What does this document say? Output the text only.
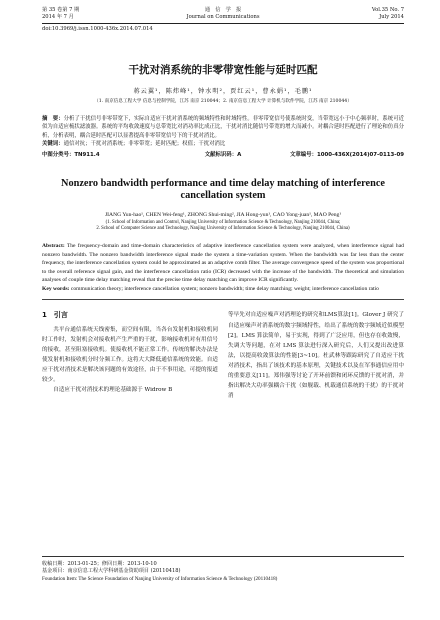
第 35 卷第 7 期
2014 年 7 月
通　信　学　报
Journal on Communications
Vol.35 No. 7
July 2014
doi:10.3969/j.issn.1000-436x.2014.07.014
干扰对消系统的非零带宽性能与延时匹配
蒋云翼¹，陈炜峰¹，钟水明²，贾红云¹，曹永娟¹，毛鹏¹
（1. 南京信息工程大学 信息与控制学院，江苏 南京 210044；2. 南京信息工程大学 计算机与软件学院，江苏 南京 210044）
摘　要：分析了干扰信号非零带宽下，实际自适应干扰对消系统的频域特性和时域特性。非零带宽信号使系统时变，当带宽远小于中心频率时，系统可近似为自适应梳状滤波器。系统的平均收敛速度与总带宽比对消功率比成正比，干扰对消比随信号带宽的增大而减小。对耦合延时匹配进行了理论和仿真分析，分析表明，耦合延时匹配可以显著提高非零带宽信号下的干扰对消比。
关键词：通信对抗；干扰对消系统；非零带宽；延时匹配；权值；干扰对消比
中图分类号：TN911.4	文献标识码：A	文章编号：1000-436X(2014)07-0113-09
Nonzero bandwidth performance and time delay matching of interference cancellation system
JIANG Yun-hao¹, CHEN Wei-feng¹, ZHONG Shui-ming², JIA Hong-yun¹, CAO Yong-juan¹, MAO Peng¹
(1. School of Information and Control, Nanjing University of Information Science & Technology, Nanjing 210044, China;
2. School of Computer Science and Technology, Nanjing University of Information Science & Technology, Nanjing 210044, China)
Abstract: The frequency-domain and time-domain characteristics of adaptive interference cancellation system were analyzed, when interference signal had nonzero bandwidth. The nonzero bandwidth interference signal made the system a time-variation system. When the bandwidth was far less than the center frequency, the interference cancellation system could be approximated as an adaptive comb filter. The average convergence speed of the system was proportional to the overall reference signal gain, and the interference cancellation ratio (ICR) decreased with the increase of the bandwidth. The theoretical and simulation analyses of couple time delay matching reveal that the precise time delay matching can improve ICR significantly.
Key words: communication theory; interference cancellation system; nonzero bandwidth; time delay matching; weight; interference cancellation ratio
1　引言
共平台通信系统天线密集，而空间有限，当各台发射机和接收机同时工作时，发射机会对接收机产生严重的干扰，影响接收机对有用信号的接收，甚至阻塞接收机。使接收机不能正常工作。传统的解决办法是使发射机和接收机分时分频工作。这将大大降低通信系统的效能。自适应干扰对消技术是解决该问题的有效途径，由于不事用途，可提的报道较少。
自适应干扰对消技术的理论基础源于 Widrow B
等早先对自适应噪声对消理论的研究和LMS算法[1]。Glover J 研究了自适应噪声对消系统的数字频域特性，给出了系统的数字频域近似模型[2]。LMS 算法简单，易于实现，得到了广泛应用，但也存在收敛慢，失调大等问题，在对 LMS 算法进行深入研究后，人们又提出改进算法，以提高收敛算法的性能[3~10]。杜武林等跟踪研究了自适应干扰对消技术，指出了该技术的基本原理，关键技术以及在军事通信应用中的重要意义[11]。郑伟强等讨论了开环前馈和闭环反馈的干扰对消，并指出解决大功率强耦合干扰（如舰载、机载通信系统的干扰）的干扰对消
收稿日期：2013-01-25；修回日期：2013-10-10
基金项目：南京信息工程大学科研基金资助项目 (20110418)
Foundation Item: The Science Foundation of Nanjing University of Information Science & Technology (20110418)
